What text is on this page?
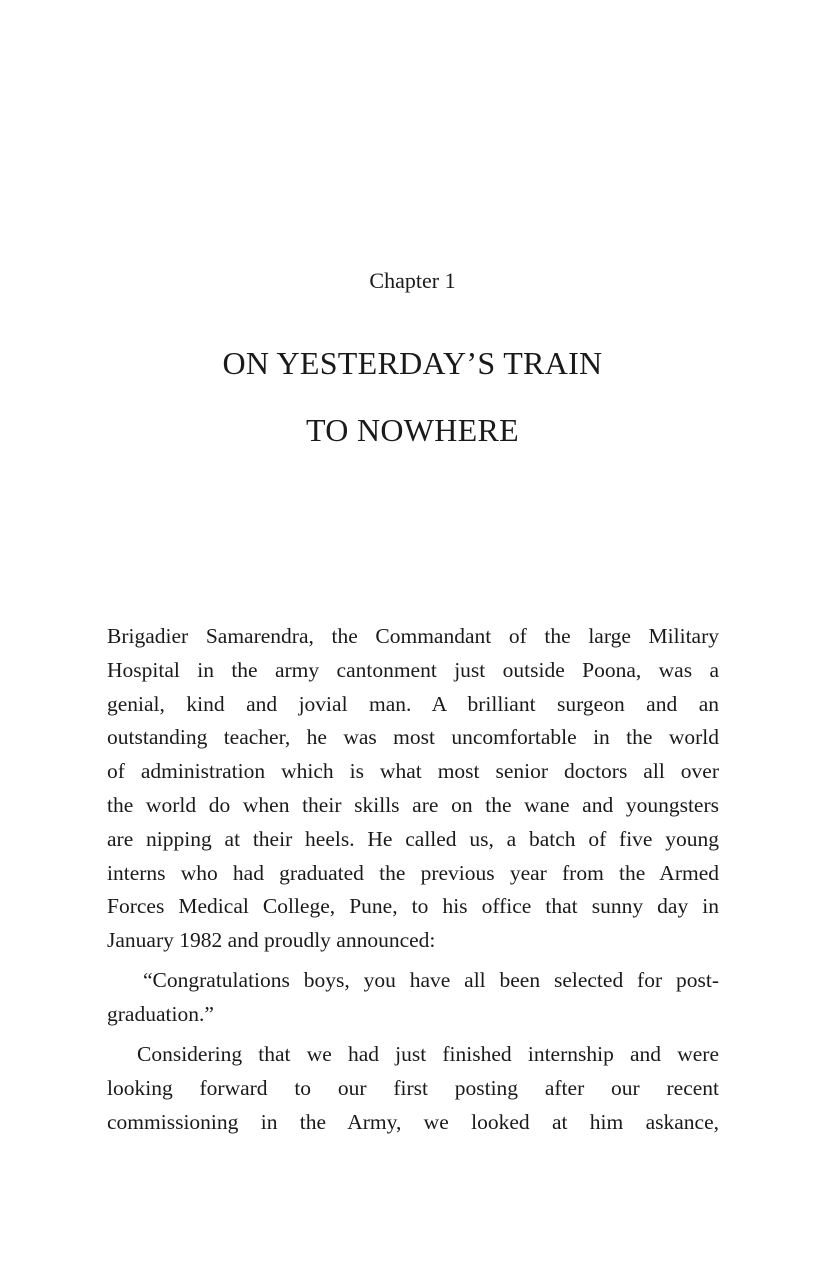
Chapter 1
ON YESTERDAY’S TRAIN
TO NOWHERE
Brigadier Samarendra, the Commandant of the large Military
Hospital in the army cantonment just outside Poona, was a
genial, kind and jovial man. A brilliant surgeon and an
outstanding teacher, he was most uncomfortable in the world
of administration which is what most senior doctors all over
the world do when their skills are on the wane and youngsters
are nipping at their heels. He called us, a batch of five young
interns who had graduated the previous year from the Armed
Forces Medical College, Pune, to his office that sunny day in
January 1982 and proudly announced:
“Congratulations boys, you have all been selected for post-
graduation.”
Considering that we had just finished internship and were
looking forward to our first posting after our recent
commissioning in the Army, we looked at him askance,
